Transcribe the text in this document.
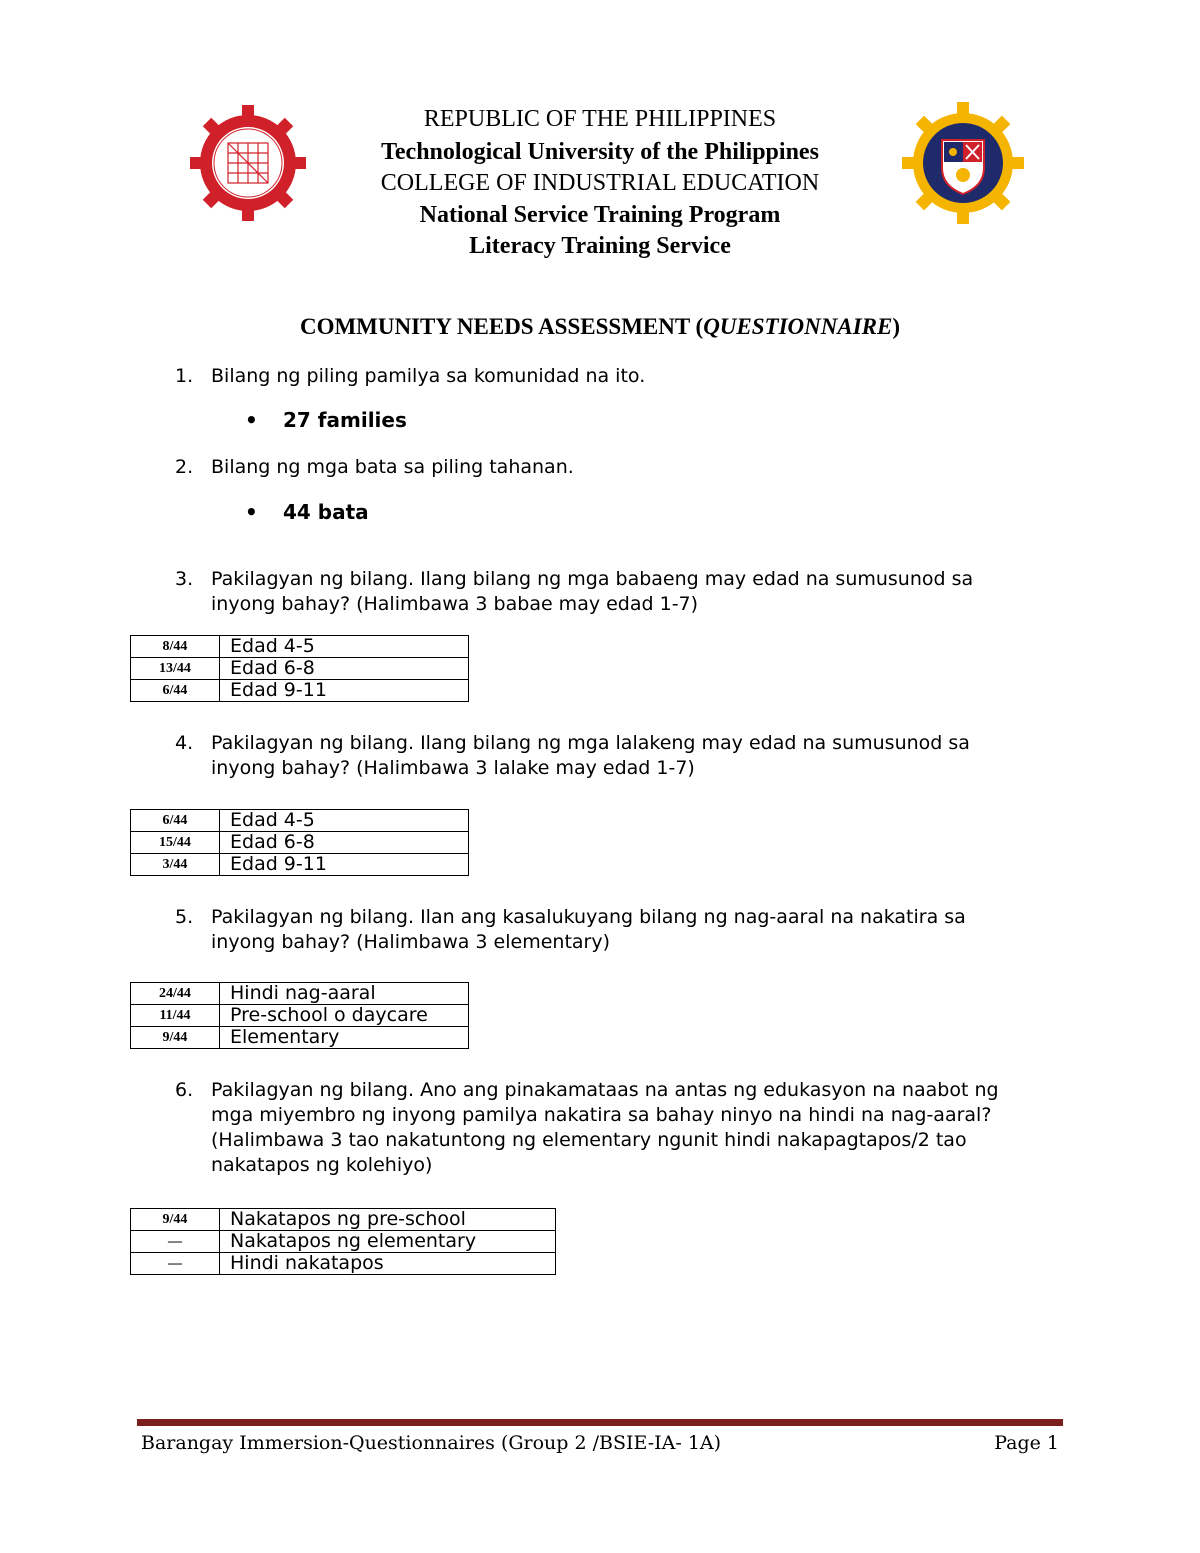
REPUBLIC OF THE PHILIPPINES
Technological University of the Philippines
COLLEGE OF INDUSTRIAL EDUCATION
National Service Training Program
Literacy Training Service
COMMUNITY NEEDS ASSESSMENT (QUESTIONNAIRE)
1. Bilang ng piling pamilya sa komunidad na ito.
• 27 families
2. Bilang ng mga bata sa piling tahanan.
• 44 bata
3. Pakilagyan ng bilang. Ilang bilang ng mga babaeng may edad na sumusunod sa inyong bahay? (Halimbawa 3 babae may edad 1-7)
8/44	Edad 4-5
13/44	Edad 6-8
6/44	Edad 9-11
4. Pakilagyan ng bilang. Ilang bilang ng mga lalakeng may edad na sumusunod sa inyong bahay? (Halimbawa 3 lalake may edad 1-7)
6/44	Edad 4-5
15/44	Edad 6-8
3/44	Edad 9-11
5. Pakilagyan ng bilang. Ilan ang kasalukuyang bilang ng nag-aaral na nakatira sa inyong bahay? (Halimbawa 3 elementary)
24/44	Hindi nag-aaral
11/44	Pre-school o daycare
9/44	Elementary
6. Pakilagyan ng bilang. Ano ang pinakamataas na antas ng edukasyon na naabot ng mga miyembro ng inyong pamilya nakatira sa bahay ninyo na hindi na nag-aaral? (Halimbawa 3 tao nakatuntong ng elementary ngunit hindi nakapagtapos/2 tao nakatapos ng kolehiyo)
9/44	Nakatapos ng pre-school
—	Nakatapos ng elementary
—	Hindi nakatapos
Barangay Immersion-Questionnaires (Group 2 /BSIE-IA- 1A)	Page 1
